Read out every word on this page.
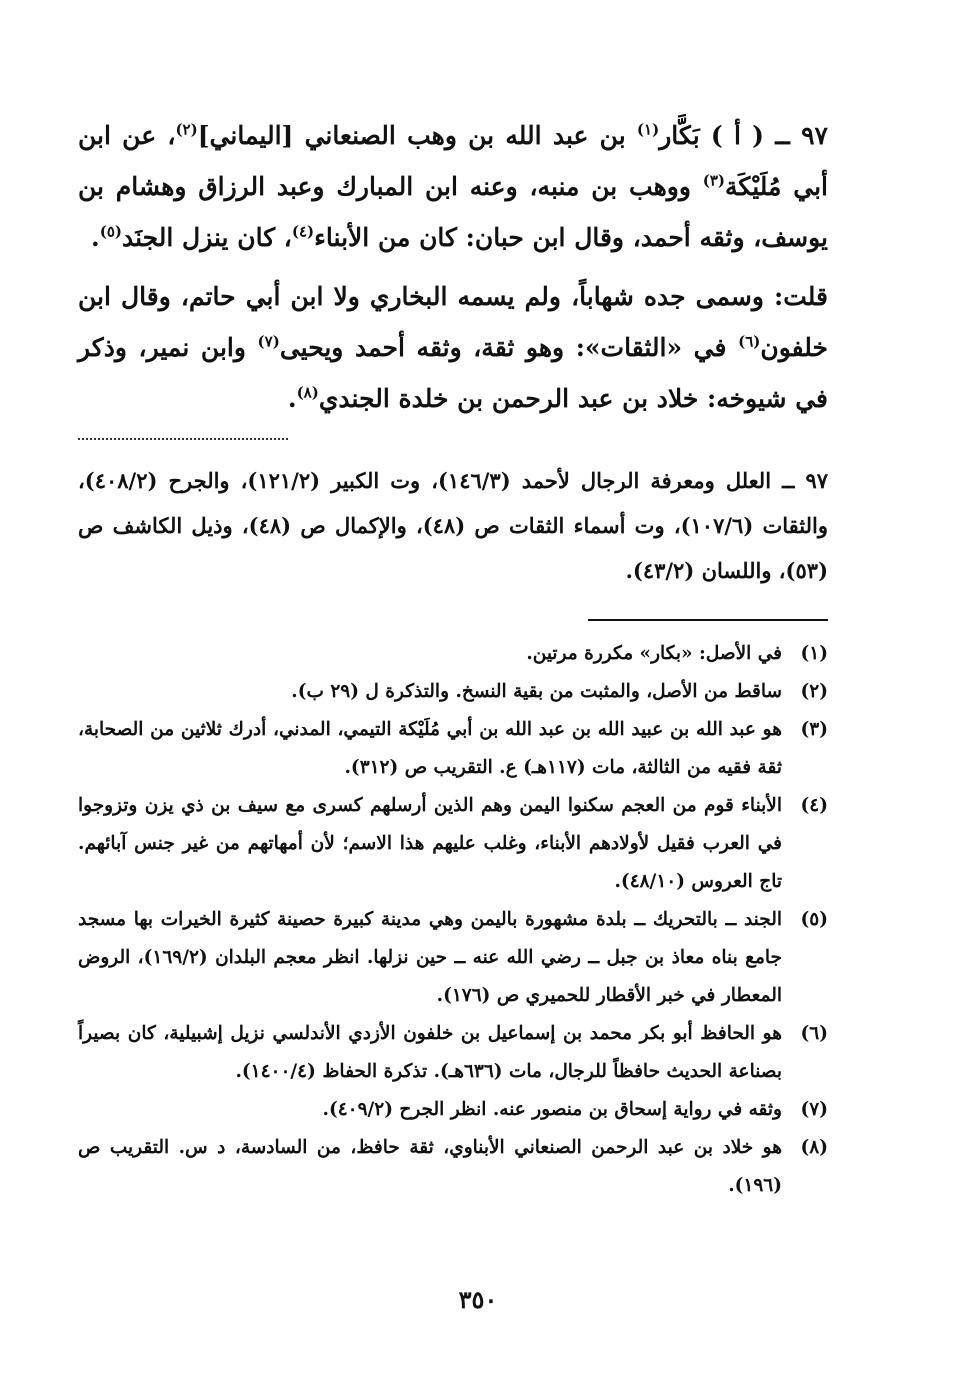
٩٧ ــ ( أ ) بَكَّار$^{(١)}$ بن عبد الله بن وهب الصنعاني [اليماني]$^{(٢)}$، عن ابن أبي مُلَيْكَة$^{(٣)}$ ووهب بن منبه، وعنه ابن المبارك وعبد الرزاق وهشام بن يوسف، وثقه أحمد، وقال ابن حبان: كان من الأبناء$^{(٤)}$، كان ينزل الجنَد$^{(٥)}$.

قلت: وسمى جده شهاباً، ولم يسمه البخاري ولا ابن أبي حاتم، وقال ابن خلفون$^{(٦)}$ في «الثقات»: وهو ثقة، وثقه أحمد ويحيى$^{(٧)}$ وابن نمير، وذكر في شيوخه: خلاد بن عبد الرحمن بن خلدة الجندي$^{(٨)}$.

٩٧ ــ العلل ومعرفة الرجال لأحمد (١٤٦/٣)، وت الكبير (١٢١/٢)، والجرح (٤٠٨/٢)، والثقات (١٠٧/٦)، وت أسماء الثقات ص (٤٨)، والإكمال ص (٤٨)، وذيل الكاشف ص (٥٣)، واللسان (٤٣/٢).
(١)
في الأصل: «بكار» مكررة مرتين.
(٢)
ساقط من الأصل، والمثبت من بقية النسخ. والتذكرة ل (٢٩ ب).
(٣)
هو عبد الله بن عبيد الله بن عبد الله بن أبي مُلَيْكة التيمي، المدني، أدرك ثلاثين من الصحابة، ثقة فقيه من الثالثة، مات (١١٧هـ) ع. التقريب ص (٣١٢).
(٤)
الأبناء قوم من العجم سكنوا اليمن وهم الذين أرسلهم كسرى مع سيف بن ذي يزن وتزوجوا في العرب فقيل لأولادهم الأبناء، وغلب عليهم هذا الاسم؛ لأن أمهاتهم من غير جنس آبائهم. تاج العروس (٤٨/١٠).
(٥)
الجند ــ بالتحريك ــ بلدة مشهورة باليمن وهي مدينة كبيرة حصينة كثيرة الخيرات بها مسجد جامع بناه معاذ بن جبل ــ رضي الله عنه ــ حين نزلها. انظر معجم البلدان (١٦٩/٢)، الروض المعطار في خبر الأقطار للحميري ص (١٧٦).
(٦)
هو الحافظ أبو بكر محمد بن إسماعيل بن خلفون الأزدي الأندلسي نزيل إشبيلية، كان بصيراً بصناعة الحديث حافظاً للرجال، مات (٦٣٦هـ). تذكرة الحفاظ (١٤٠٠/٤).
(٧)
وثقه في رواية إسحاق بن منصور عنه. انظر الجرح (٤٠٩/٢).
(٨)
هو خلاد بن عبد الرحمن الصنعاني الأبناوي، ثقة حافظ، من السادسة، د س. التقريب ص (١٩٦).
٣٥٠
